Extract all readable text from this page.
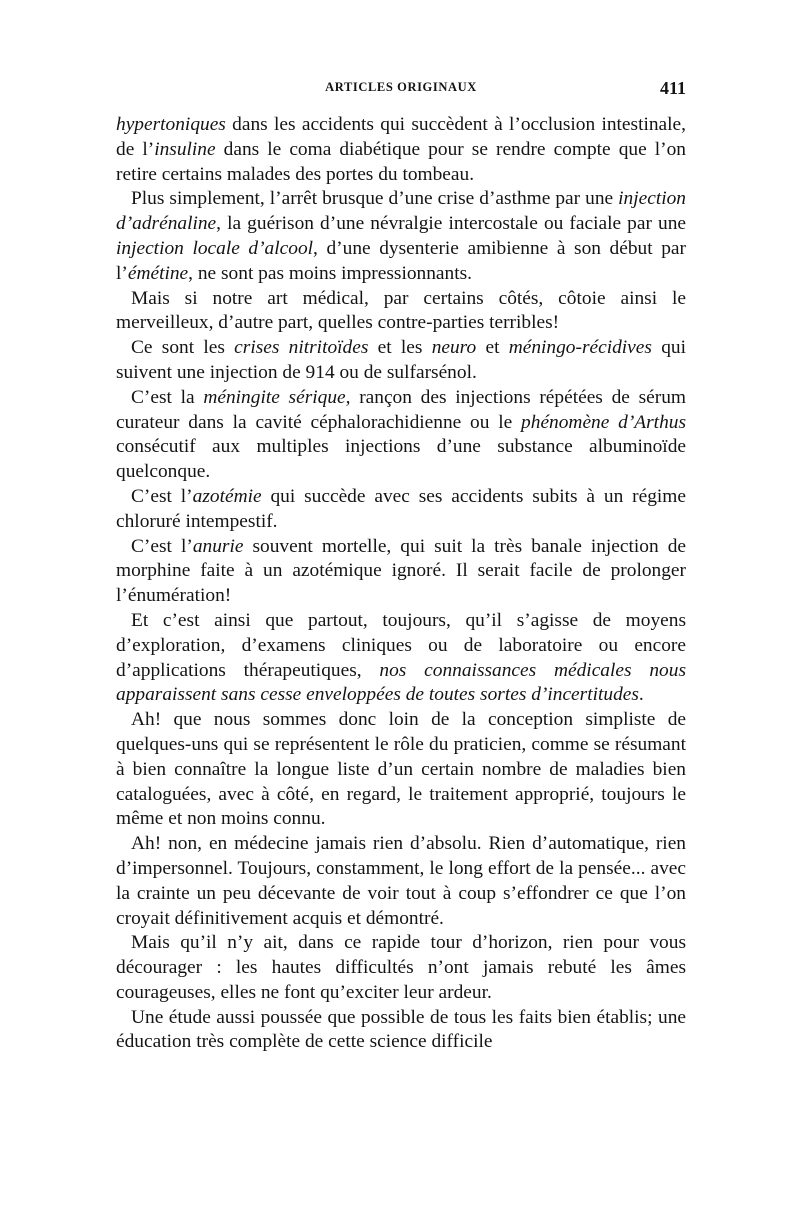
ARTICLES ORIGINAUX	411

hypertoniques dans les accidents qui succèdent à l’occlusion intestinale, de l’insuline dans le coma diabétique pour se rendre compte que l’on retire certains malades des portes du tombeau.

Plus simplement, l’arrêt brusque d’une crise d’asthme par une injection d’adrénaline, la guérison d’une névralgie intercostale ou faciale par une injection locale d’alcool, d’une dysenterie amibienne à son début par l’émétine, ne sont pas moins impressionnants.

Mais si notre art médical, par certains côtés, côtoie ainsi le merveilleux, d’autre part, quelles contre-parties terribles!

Ce sont les crises nitritoïdes et les neuro et méningo-récidives qui suivent une injection de 914 ou de sulfarsénol.

C’est la méningite sérique, rançon des injections répétées de sérum curateur dans la cavité céphalorachidienne ou le phénomène d’Arthus consécutif aux multiples injections d’une substance albuminoïde quelconque.

C’est l’azotémie qui succède avec ses accidents subits à un régime chloruré intempestif.

C’est l’anurie souvent mortelle, qui suit la très banale injection de morphine faite à un azotémique ignoré. Il serait facile de prolonger l’énumération!

Et c’est ainsi que partout, toujours, qu’il s’agisse de moyens d’exploration, d’examens cliniques ou de laboratoire ou encore d’applications thérapeutiques, nos connaissances médicales nous apparaissent sans cesse enveloppées de toutes sortes d’incertitudes.

Ah! que nous sommes donc loin de la conception simpliste de quelques-uns qui se représentent le rôle du praticien, comme se résumant à bien connaître la longue liste d’un certain nombre de maladies bien cataloguées, avec à côté, en regard, le traitement approprié, toujours le même et non moins connu.

Ah! non, en médecine jamais rien d’absolu. Rien d’automatique, rien d’impersonnel. Toujours, constamment, le long effort de la pensée... avec la crainte un peu décevante de voir tout à coup s’effondrer ce que l’on croyait définitivement acquis et démontré.

Mais qu’il n’y ait, dans ce rapide tour d’horizon, rien pour vous décourager : les hautes difficultés n’ont jamais rebuté les âmes courageuses, elles ne font qu’exciter leur ardeur.

Une étude aussi poussée que possible de tous les faits bien établis; une éducation très complète de cette science difficile
